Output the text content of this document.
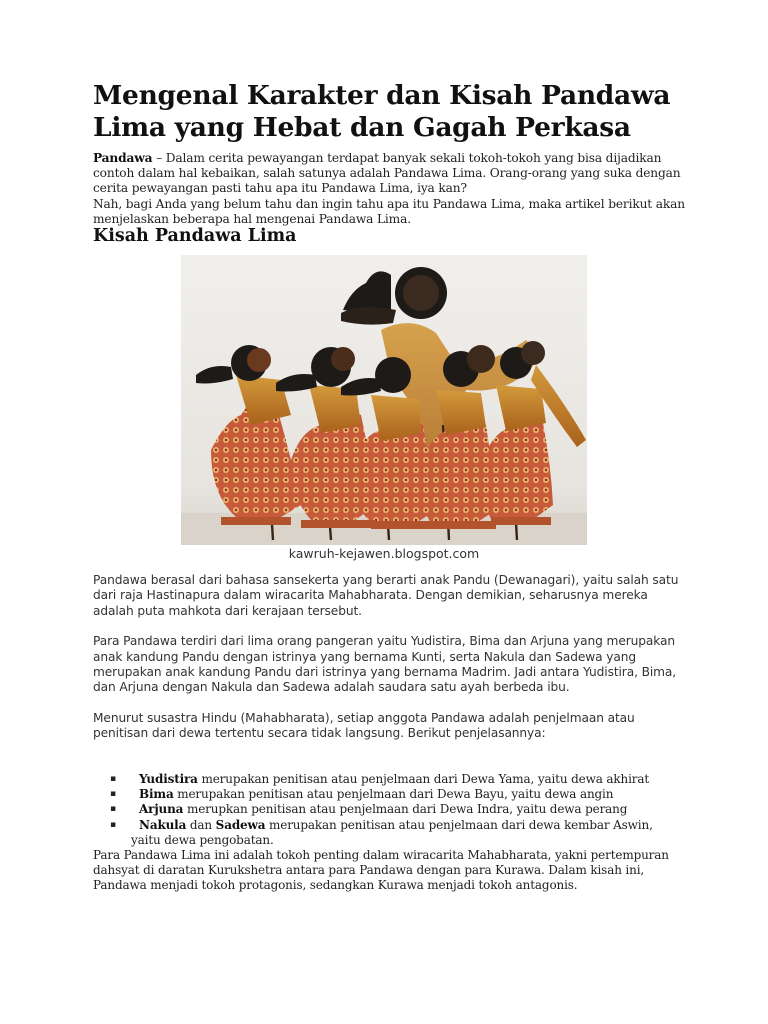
Mengenal Karakter dan Kisah Pandawa Lima yang Hebat dan Gagah Perkasa

Pandawa – Dalam cerita pewayangan terdapat banyak sekali tokoh-tokoh yang bisa dijadikan contoh dalam hal kebaikan, salah satunya adalah Pandawa Lima. Orang-orang yang suka dengan cerita pewayangan pasti tahu apa itu Pandawa Lima, iya kan?

Nah, bagi Anda yang belum tahu dan ingin tahu apa itu Pandawa Lima, maka artikel berikut akan menjelaskan beberapa hal mengenai Pandawa Lima.

Kisah Pandawa Lima
kawruh-kejawen.blogspot.com

Pandawa berasal dari bahasa sansekerta yang berarti anak Pandu (Dewanagari), yaitu salah satu dari raja Hastinapura dalam wiracarita Mahabharata. Dengan demikian, seharusnya mereka adalah puta mahkota dari kerajaan tersebut.

Para Pandawa terdiri dari lima orang pangeran yaitu Yudistira, Bima dan Arjuna yang merupakan anak kandung Pandu dengan istrinya yang bernama Kunti, serta Nakula dan Sadewa yang merupakan anak kandung Pandu dari istrinya yang bernama Madrim. Jadi antara Yudistira, Bima, dan Arjuna dengan Nakula dan Sadewa adalah saudara satu ayah berbeda ibu.

Menurut susastra Hindu (Mahabharata), setiap anggota Pandawa adalah penjelmaan atau penitisan dari dewa tertentu secara tidak langsung. Berikut penjelasannya:

▪ Yudistira merupakan penitisan atau penjelmaan dari Dewa Yama, yaitu dewa akhirat
▪ Bima merupakan penitisan atau penjelmaan dari Dewa Bayu, yaitu dewa angin
▪ Arjuna merupkan penitisan atau penjelmaan dari Dewa Indra, yaitu dewa perang
▪ Nakula dan Sadewa merupakan penitisan atau penjelmaan dari dewa kembar Aswin,
yaitu dewa pengobatan.

Para Pandawa Lima ini adalah tokoh penting dalam wiracarita Mahabharata, yakni pertempuran dahsyat di daratan Kurukshetra antara para Pandawa dengan para Kurawa. Dalam kisah ini, Pandawa menjadi tokoh protagonis, sedangkan Kurawa menjadi tokoh antagonis.
